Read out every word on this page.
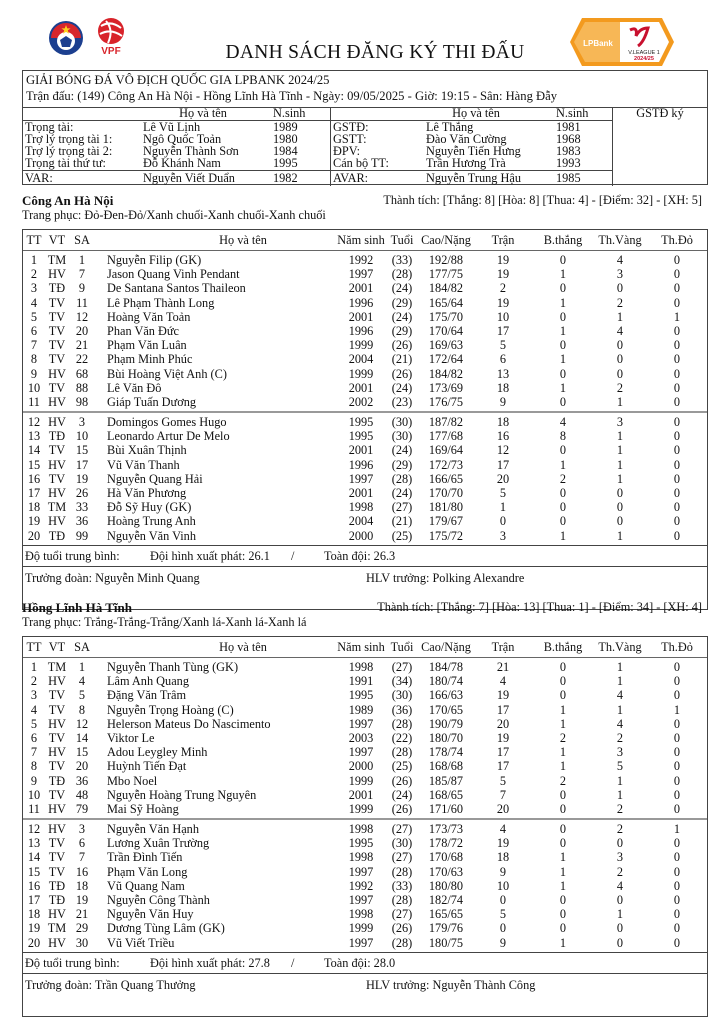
VPF
LPBank
V.LEAGUE 1
2024/25
DANH SÁCH ĐĂNG KÝ THI ĐẤU
GIẢI BÓNG ĐÁ VÔ ĐỊCH QUỐC GIA LPBANK 2024/25
Trận đấu: (149) Công An Hà Nội - Hồng Lĩnh Hà Tĩnh - Ngày: 09/05/2025 - Giờ: 19:15 - Sân: Hàng Đẫy
Họ và tên	N.sinh
Trọng tài:	Lê Vũ Lịnh	1989
Trợ lý trọng tài 1: Ngô Quốc Toản	1980
Trợ lý trọng tài 2: Nguyễn Thành Sơn	1984
Trọng tài thứ tư:	Đỗ Khánh Nam	1995
VAR:	Nguyễn Viết Duẩn	1982
Họ và tên	N.sinh
GSTĐ:	Lê Thắng	1981
GSTT:	Đào Văn Cường	1968
ĐPV:	Nguyễn Tiến Hưng	1983
Cán bộ TT:	Trần Hương Trà	1993
AVAR:	Nguyễn Trung Hậu	1985
GSTĐ ký
Công An Hà Nội	Thành tích: [Thắng: 8] [Hòa: 8] [Thua: 4] - [Điểm: 32] - [XH: 5]
Trang phục: Đỏ-Đen-Đỏ/Xanh chuối-Xanh chuối-Xanh chuối
TT VT SA	Họ và tên	Năm sinh Tuổi Cao/Nặng	Trận	B.thắng	Th.Vàng	Th.Đỏ
1 TM	1	Nguyễn Filip (GK)	1992	(33)	192/88	19	0	4	0
2 HV	7	Jason Quang Vinh Pendant	1997	(28)	177/75	19	1	3	0
3 TĐ	9	De Santana Santos Thaileon	2001	(24)	184/82	2	0	0	0
4 TV 11 Lê Phạm Thành Long	1996	(29)	165/64	19	1	2	0
5 TV 12 Hoàng Văn Toản	2001	(24)	175/70	10	0	1	1
6 TV 20 Phan Văn Đức	1996	(29)	170/64	17	1	4	0
7 TV 21 Phạm Văn Luân	1999	(26)	169/63	5	0	0	0
8 TV 22 Phạm Minh Phúc	2004	(21)	172/64	6	1	0	0
9 HV 68 Bùi Hoàng Việt Anh (C)	1999	(26)	184/82	13	0	0	0
10 TV 88 Lê Văn Đô	2001	(24)	173/69	18	1	2	0
11 HV 98 Giáp Tuấn Dương	2002	(23)	176/75	9	0	1	0
12 HV	3	Domingos Gomes Hugo	1995	(30)	187/82	18	4	3	0
13 TĐ 10 Leonardo Artur De Melo	1995	(30)	177/68	16	8	1	0
14 TV 15 Bùi Xuân Thịnh	2001	(24)	169/64	12	0	1	0
15 HV 17 Vũ Văn Thanh	1996	(29)	172/73	17	1	1	0
16 TV 19 Nguyễn Quang Hải	1997	(28)	166/65	20	2	1	0
17 HV 26 Hà Văn Phương	2001	(24)	170/70	5	0	0	0
18 TM 33 Đỗ Sỹ Huy (GK)	1998	(27)	181/80	1	0	0	0
19 HV 36 Hoàng Trung Anh	2004	(21)	179/67	0	0	0	0
20 TĐ 99 Nguyễn Văn Vinh	2000	(25)	175/72	3	1	1	0
Độ tuổi trung bình: Đội hình xuất phát: 26.1 / Toàn đội: 26.3
Trưởng đoàn: Nguyễn Minh Quang	HLV trưởng: Polking Alexandre
Hồng Lĩnh Hà Tĩnh	Thành tích: [Thắng: 7] [Hòa: 13] [Thua: 1] - [Điểm: 34] - [XH: 4]
Trang phục: Trắng-Trắng-Trắng/Xanh lá-Xanh lá-Xanh lá
TT VT SA	Họ và tên	Năm sinh Tuổi Cao/Nặng	Trận	B.thắng	Th.Vàng	Th.Đỏ
1 TM	1	Nguyễn Thanh Tùng (GK)	1998	(27)	184/78	21	0	1	0
2 HV	4	Lâm Anh Quang	1991	(34)	180/74	4	0	1	0
3 TV	5	Đặng Văn Trâm	1995	(30)	166/63	19	0	4	0
4 TV	8	Nguyễn Trọng Hoàng (C)	1989	(36)	170/65	17	1	1	1
5 HV 12 Helerson Mateus Do Nascimento	1997	(28)	190/79	20	1	4	0
6 TV 14 Viktor Le	2003	(22)	180/70	19	2	2	0
7 HV 15 Adou Leygley Minh	1997	(28)	178/74	17	1	3	0
8 TV 20 Huỳnh Tiến Đạt	2000	(25)	168/68	17	1	5	0
9 TĐ 36 Mbo Noel	1999	(26)	185/87	5	2	1	0
10 TV 48 Nguyễn Hoàng Trung Nguyên	2001	(24)	168/65	7	0	1	0
11 HV 79 Mai Sỹ Hoàng	1999	(26)	171/60	20	0	2	0
12 HV	3	Nguyễn Văn Hạnh	1998	(27)	173/73	4	0	2	1
13 TV	6	Lương Xuân Trường	1995	(30)	178/72	19	0	0	0
14 TV	7	Trần Đình Tiến	1998	(27)	170/68	18	1	3	0
15 TV 16 Phạm Văn Long	1997	(28)	170/63	9	1	2	0
16 TĐ 18 Vũ Quang Nam	1992	(33)	180/80	10	1	4	0
17 TĐ 19 Nguyễn Công Thành	1997	(28)	182/74	0	0	0	0
18 HV 21 Nguyễn Văn Huy	1998	(27)	165/65	5	0	1	0
19 TM 29 Dương Tùng Lâm (GK)	1999	(26)	179/76	0	0	0	0
20 HV 30 Vũ Viết Triều	1997	(28)	180/75	9	1	0	0
Độ tuổi trung bình: Đội hình xuất phát: 27.8 / Toàn đội: 28.0
Trưởng đoàn: Trần Quang Thưởng	HLV trưởng: Nguyễn Thành Công
